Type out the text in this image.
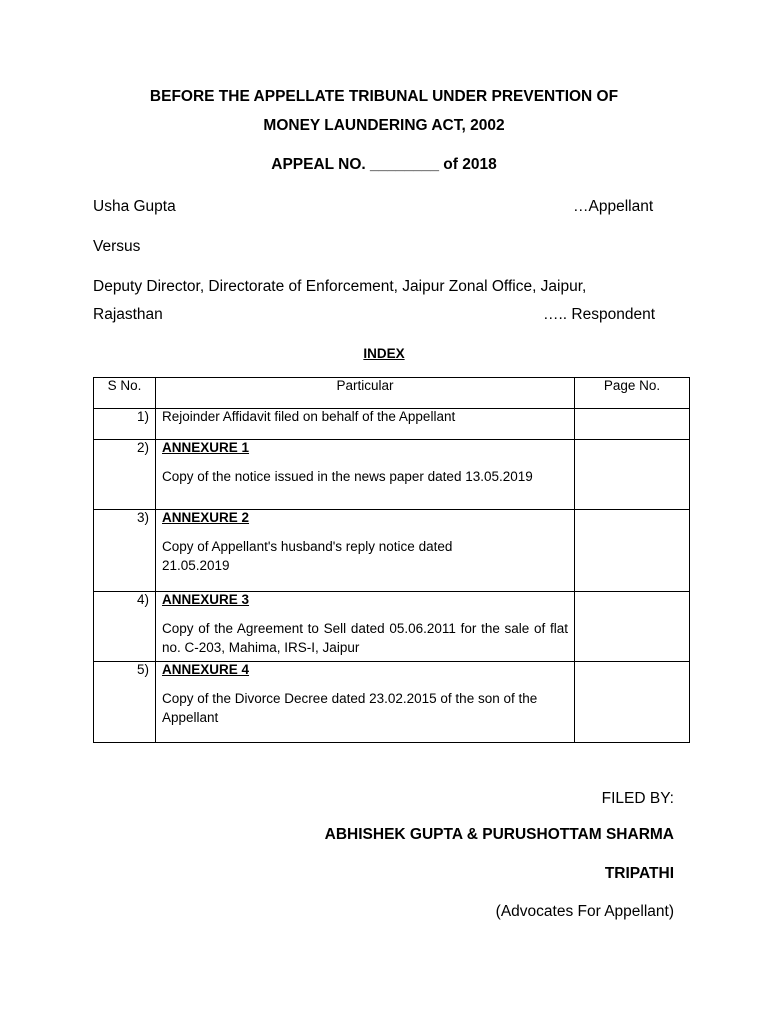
BEFORE THE APPELLATE TRIBUNAL UNDER PREVENTION OF
MONEY LAUNDERING ACT, 2002
APPEAL NO. ________ of 2018
Usha Gupta	…Appellant
Versus
Deputy Director, Directorate of Enforcement, Jaipur Zonal Office, Jaipur,
Rajasthan	….. Respondent
INDEX
S No.	Particular	Page No.
1)	Rejoinder Affidavit filed on behalf of the Appellant	

2)	ANNEXURE 1
Copy of the notice issued in the news paper dated 13.05.2019	

3)	ANNEXURE 2
Copy of Appellant's husband's reply notice dated 21.05.2019	

4)	ANNEXURE 3
Copy of the Agreement to Sell dated 05.06.2011 for the sale of flat no. C-203, Mahima, IRS-I, Jaipur	

5)	ANNEXURE 4
Copy of the Divorce Decree dated 23.02.2015 of the son of the Appellant	

FILED BY:
ABHISHEK GUPTA & PURUSHOTTAM SHARMA
TRIPATHI
(Advocates For Appellant)
